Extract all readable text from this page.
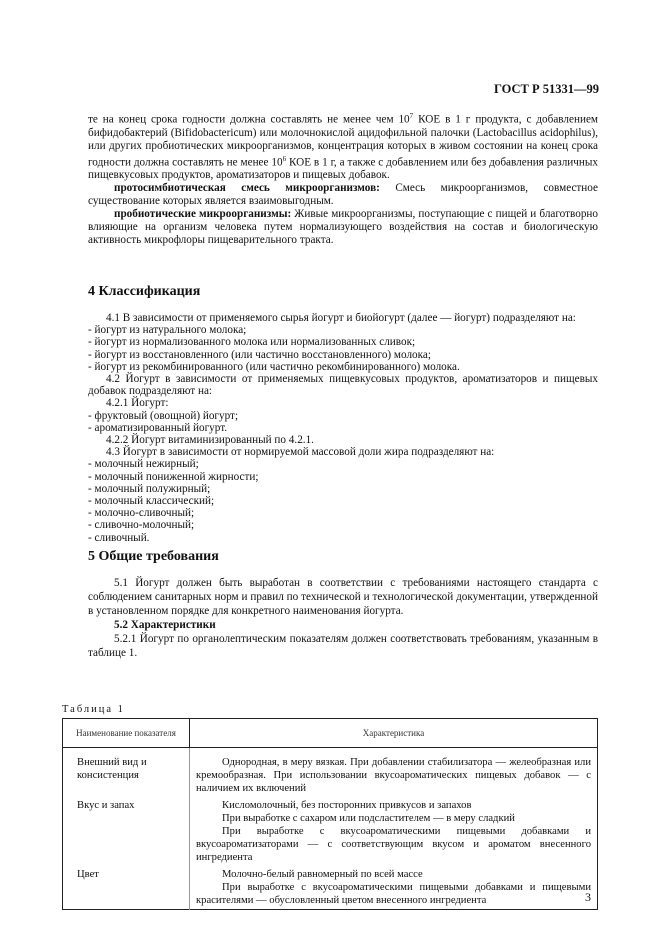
ГОСТ Р 51331—99

те на конец срока годности должна составлять не менее чем $10^7$ КОЕ в 1 г продукта, с добавлением бифидобактерий (Bifidobactericum) или молочнокислой ацидофильной палочки (Lactobacillus acidophilus), или других пробиотических микроорганизмов, концентрация которых в живом состоянии на конец срока годности должна составлять не менее $10^6$ КОЕ в 1 г, а также с добавлением или без добавления различных пищевкусовых продуктов, ароматизаторов и пищевых добавок.

протосимбиотическая смесь микроорганизмов: Смесь микроорганизмов, совместное существование которых является взаимовыгодным.

пробиотические микроорганизмы: Живые микроорганизмы, поступающие с пищей и благотворно влияющие на организм человека путем нормализующего воздействия на состав и биологическую активность микрофлоры пищеварительного тракта.

4 Классификация

4.1 В зависимости от применяемого сырья йогурт и биойогурт (далее — йогурт) подразделяют на:

- йогурт из натурального молока;

- йогурт из нормализованного молока или нормализованных сливок;

- йогурт из восстановленного (или частично восстановленного) молока;

- йогурт из рекомбинированного (или частично рекомбинированного) молока.

4.2 Йогурт в зависимости от применяемых пищевкусовых продуктов, ароматизаторов и пищевых добавок подразделяют на:

4.2.1 Йогурт:

- фруктовый (овощной) йогурт;

- ароматизированный йогурт.

4.2.2 Йогурт витаминизированный по 4.2.1.

4.3 Йогурт в зависимости от нормируемой массовой доли жира подразделяют на:

- молочный нежирный;

- молочный пониженной жирности;

- молочный полужирный;

- молочный классический;

- молочно-сливочный;

- сливочно-молочный;

- сливочный.

5 Общие требования

5.1 Йогурт должен быть выработан в соответствии с требованиями настоящего стандарта с соблюдением санитарных норм и правил по технической и технологической документации, утвержденной в установленном порядке для конкретного наименования йогурта.

5.2 Характеристики

5.2.1 Йогурт по органолептическим показателям должен соответствовать требованиям, указанным в таблице 1.

Таблица 1
Наименование показателя	Характеристика
Внешний вид и консистенция	Однородная, в меру вязкая. При добавлении стабилизатора — желеобразная или кремообразная. При использовании вкусоароматических пищевых добавок — с наличием их включений

Вкус и запах	Кисломолочный, без посторонних привкусов и запахов

При выработке с сахаром или подсластителем — в меру сладкий

При выработке с вкусоароматическими пищевыми добавками и вкусоароматизаторами — с соответствующим вкусом и ароматом внесенного ингредиента

Цвет	Молочно-белый равномерный по всей массе

При выработке с вкусоароматическими пищевыми добавками и пищевыми красителями — обусловленный цветом внесенного ингредиента	3
